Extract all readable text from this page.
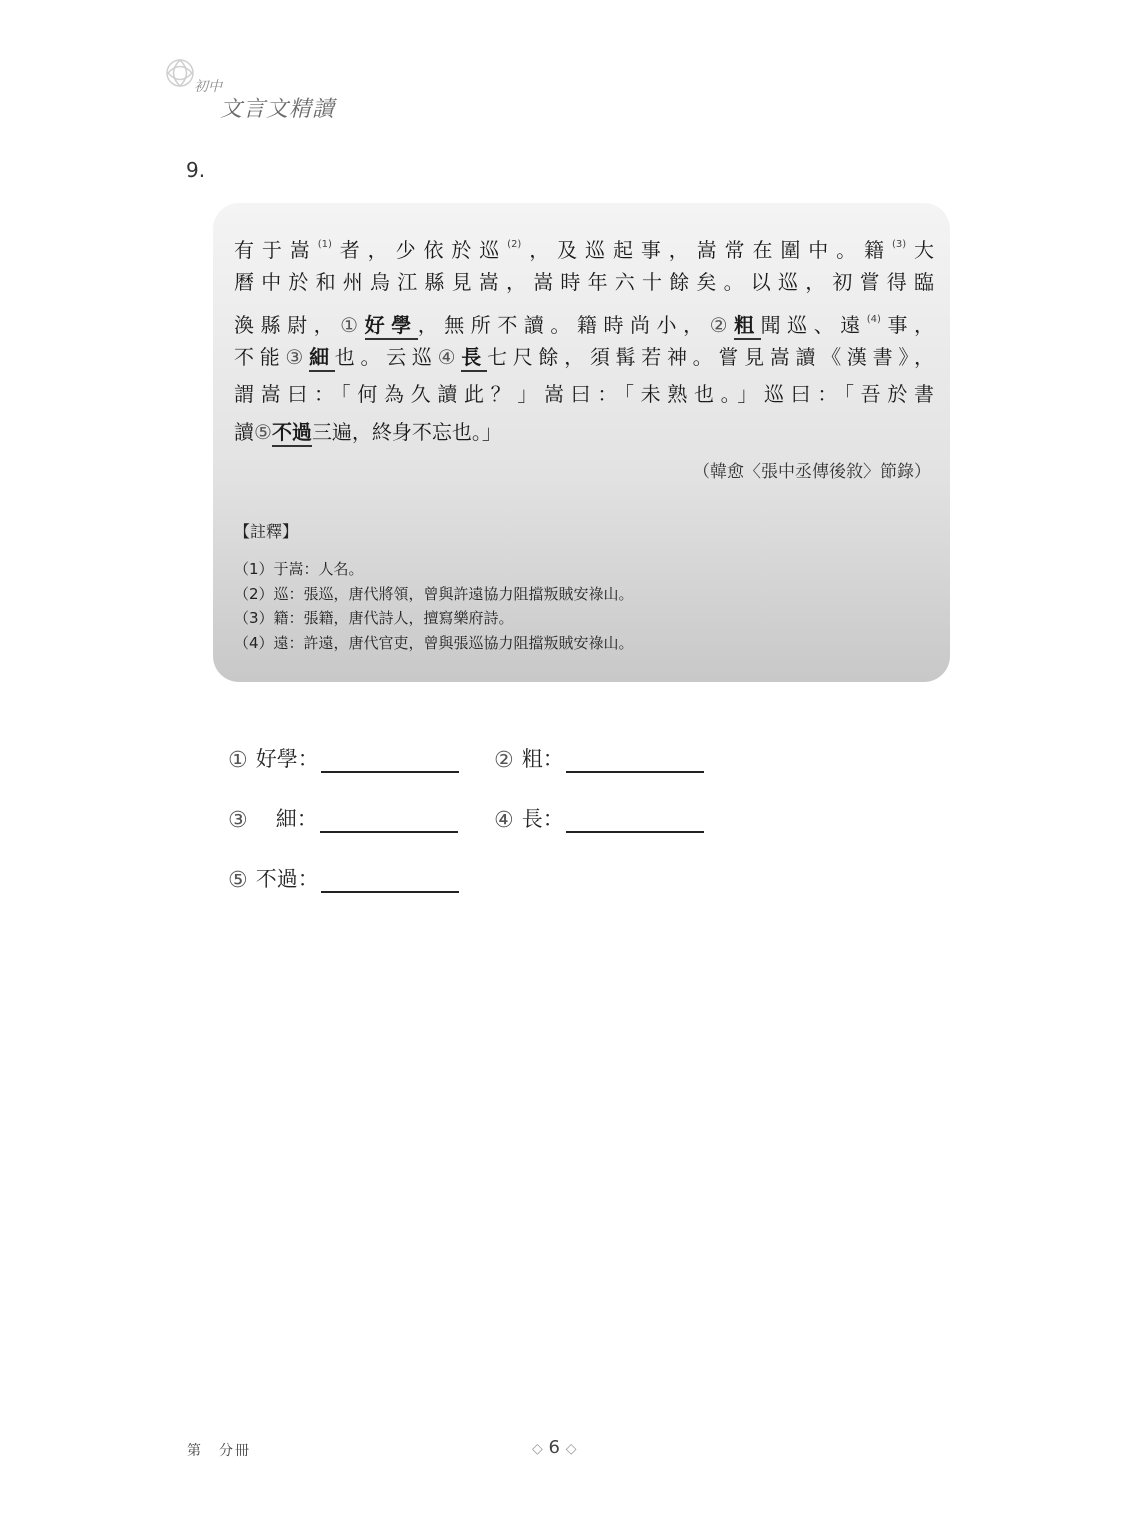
初中
文言文精讀
9.
有于嵩$^{(1)}$者，少依於巡$^{(2)}$，及巡起事，嵩常在圍中。籍$^{(3)}$大
曆中於和州烏江縣見嵩，嵩時年六十餘矣。以巡，初嘗得臨
渙縣尉，①好學，無所不讀。籍時尚小，②粗聞巡、遠$^{(4)}$事，
不能③細也。云巡④長七尺餘，須髯若神。嘗見嵩讀《漢書》，
謂嵩曰：「何為久讀此？」嵩曰：「未熟也。」巡曰：「吾於書
讀⑤不過三遍，終身不忘也。」
（韓愈〈張中丞傳後敘〉節錄）
【註釋】
（1）于嵩：人名。
（2）巡：張巡，唐代將領，曾與許遠協力阻擋叛賊安祿山。
（3）籍：張籍，唐代詩人，擅寫樂府詩。
（4）遠：許遠，唐代官吏，曾與張巡協力阻擋叛賊安祿山。
① 好學：	② 粗：
③ 細：	④ 長：
⑤ 不過：
第　分冊	◇ 6 ◇
